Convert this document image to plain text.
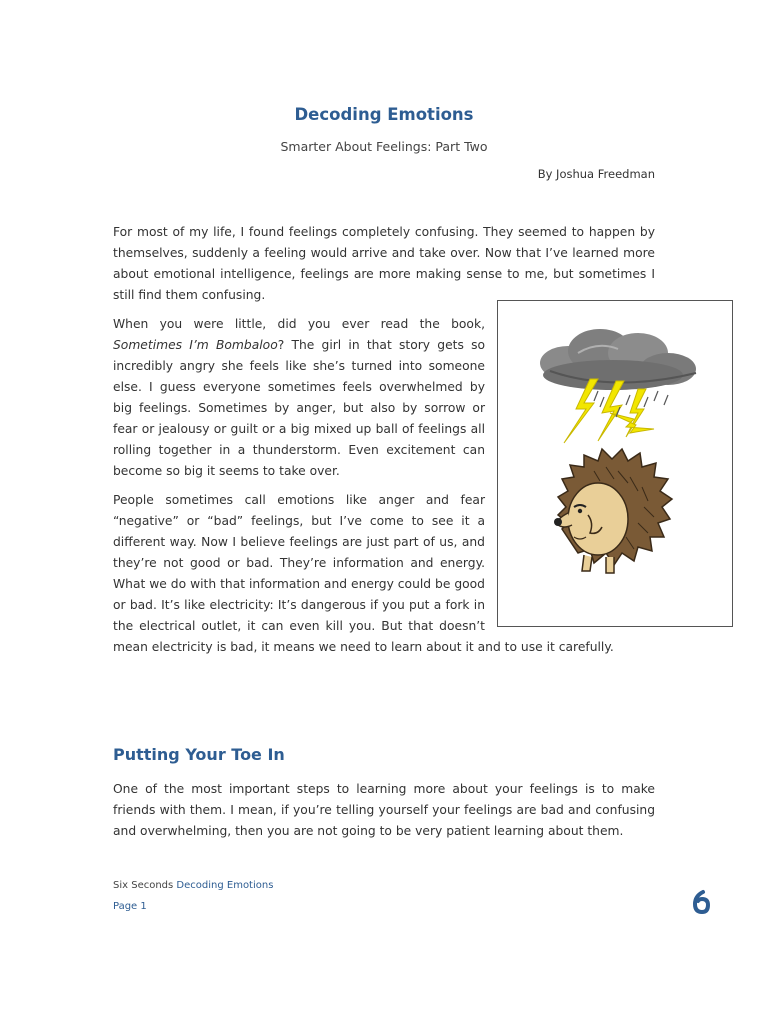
Decoding Emotions
Smarter About Feelings: Part Two
By Joshua Freedman

For most of my life, I found feelings completely confusing. They seemed to happen by themselves, suddenly a feeling would arrive and take over. Now that I’ve learned more about emotional intelligence, feelings are more making sense to me, but sometimes I still find them confusing.

When you were little, did you ever read the book, Sometimes I’m Bombaloo? The girl in that story gets so incredibly angry she feels like she’s turned into someone else. I guess everyone sometimes feels overwhelmed by big feelings. Sometimes by anger, but also by sorrow or fear or jealousy or guilt or a big mixed up ball of feelings all rolling together in a thunderstorm. Even excitement can become so big it seems to take over.

People sometimes call emotions like anger and fear “negative” or “bad” feelings, but I’ve come to see it a different way. Now I believe feelings are just part of us, and they’re not good or bad. They’re information and energy. What we do with that information and energy could be good or bad. It’s like electricity: It’s dangerous if you put a fork in the electrical outlet, it can even kill you. But that doesn’t mean electricity is bad, it means we need to learn about it and to use it carefully.

Putting Your Toe In

One of the most important steps to learning more about your feelings is to make friends with them. I mean, if you’re telling yourself your feelings are bad and confusing and overwhelming, then you are not going to be very patient learning about them.

Six Seconds Decoding Emotions
Page 1
